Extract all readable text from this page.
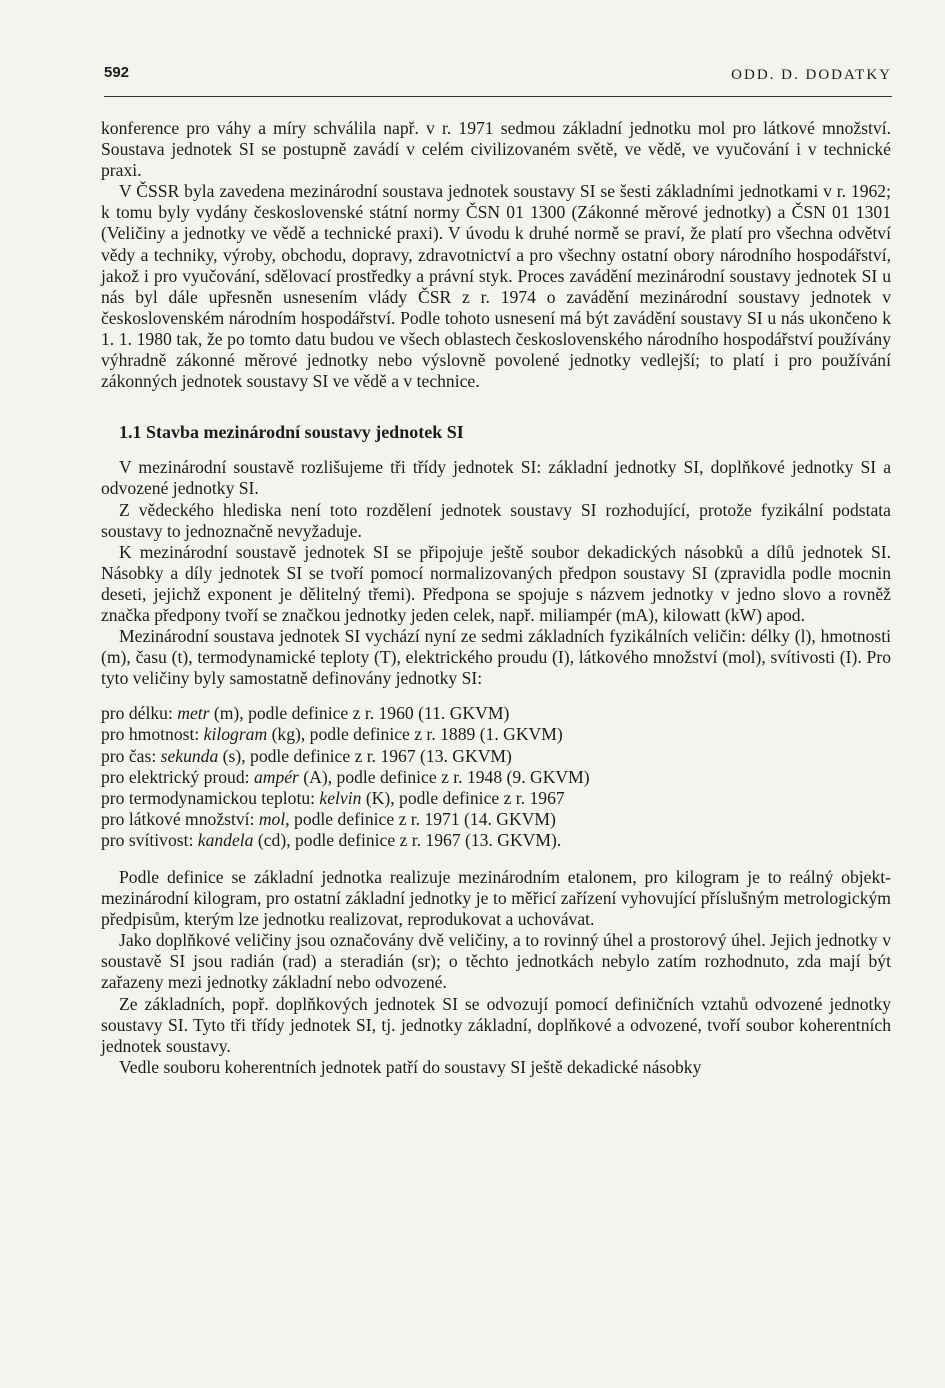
592	ODD. D. DODATKY

konference pro váhy a míry schválila např. v r. 1971 sedmou základní jednotku mol pro látkové množství. Soustava jednotek SI se postupně zavádí v celém civilizovaném světě, ve vědě, ve vyučování i v technické praxi.

V ČSSR byla zavedena mezinárodní soustava jednotek soustavy SI se šesti základními jednotkami v r. 1962; k tomu byly vydány československé státní normy ČSN 01 1300 (Zákonné měrové jednotky) a ČSN 01 1301 (Veličiny a jednotky ve vědě a technické praxi). V úvodu k druhé normě se praví, že platí pro všechna odvětví vědy a techniky, výroby, obchodu, dopravy, zdravotnictví a pro všechny ostatní obory národního hospodářství, jakož i pro vyučování, sdělovací prostředky a právní styk. Proces zavádění mezinárodní soustavy jednotek SI u nás byl dále upřesněn usnesením vlády ČSR z r. 1974 o zavádění mezinárodní soustavy jednotek v československém národním hospodářství. Podle tohoto usnesení má být zavádění soustavy SI u nás ukončeno k 1. 1. 1980 tak, že po tomto datu budou ve všech oblastech československého národního hospodářství používány výhradně zákonné měrové jednotky nebo výslovně povolené jednotky vedlejší; to platí i pro používání zákonných jednotek soustavy SI ve vědě a v technice.

1.1 Stavba mezinárodní soustavy jednotek SI

V mezinárodní soustavě rozlišujeme tři třídy jednotek SI: základní jednotky SI, doplňkové jednotky SI a odvozené jednotky SI.

Z vědeckého hlediska není toto rozdělení jednotek soustavy SI rozhodující, protože fyzikální podstata soustavy to jednoznačně nevyžaduje.

K mezinárodní soustavě jednotek SI se připojuje ještě soubor dekadických násobků a dílů jednotek SI. Násobky a díly jednotek SI se tvoří pomocí normalizovaných předpon soustavy SI (zpravidla podle mocnin deseti, jejichž exponent je dělitelný třemi). Předpona se spojuje s názvem jednotky v jedno slovo a rovněž značka předpony tvoří se značkou jednotky jeden celek, např. miliampér (mA), kilowatt (kW) apod.

Mezinárodní soustava jednotek SI vychází nyní ze sedmi základních fyzikálních veličin: délky (l), hmotnosti (m), času (t), termodynamické teploty (T), elektrického proudu (I), látkového množství (mol), svítivosti (I). Pro tyto veličiny byly samostatně definovány jednotky SI:

pro délku: metr (m), podle definice z r. 1960 (11. GKVM)
pro hmotnost: kilogram (kg), podle definice z r. 1889 (1. GKVM)
pro čas: sekunda (s), podle definice z r. 1967 (13. GKVM)
pro elektrický proud: ampér (A), podle definice z r. 1948 (9. GKVM)
pro termodynamickou teplotu: kelvin (K), podle definice z r. 1967
pro látkové množství: mol, podle definice z r. 1971 (14. GKVM)
pro svítivost: kandela (cd), podle definice z r. 1967 (13. GKVM).

Podle definice se základní jednotka realizuje mezinárodním etalonem, pro kilogram je to reálný objekt-mezinárodní kilogram, pro ostatní základní jednotky je to měřicí zařízení vyhovující příslušným metrologickým předpisům, kterým lze jednotku realizovat, reprodukovat a uchovávat.

Jako doplňkové veličiny jsou označovány dvě veličiny, a to rovinný úhel a prostorový úhel. Jejich jednotky v soustavě SI jsou radián (rad) a steradián (sr); o těchto jednotkách nebylo zatím rozhodnuto, zda mají být zařazeny mezi jednotky základní nebo odvozené.

Ze základních, popř. doplňkových jednotek SI se odvozují pomocí definičních vztahů odvozené jednotky soustavy SI. Tyto tři třídy jednotek SI, tj. jednotky základní, doplňkové a odvozené, tvoří soubor koherentních jednotek soustavy.

Vedle souboru koherentních jednotek patří do soustavy SI ještě dekadické násobky
